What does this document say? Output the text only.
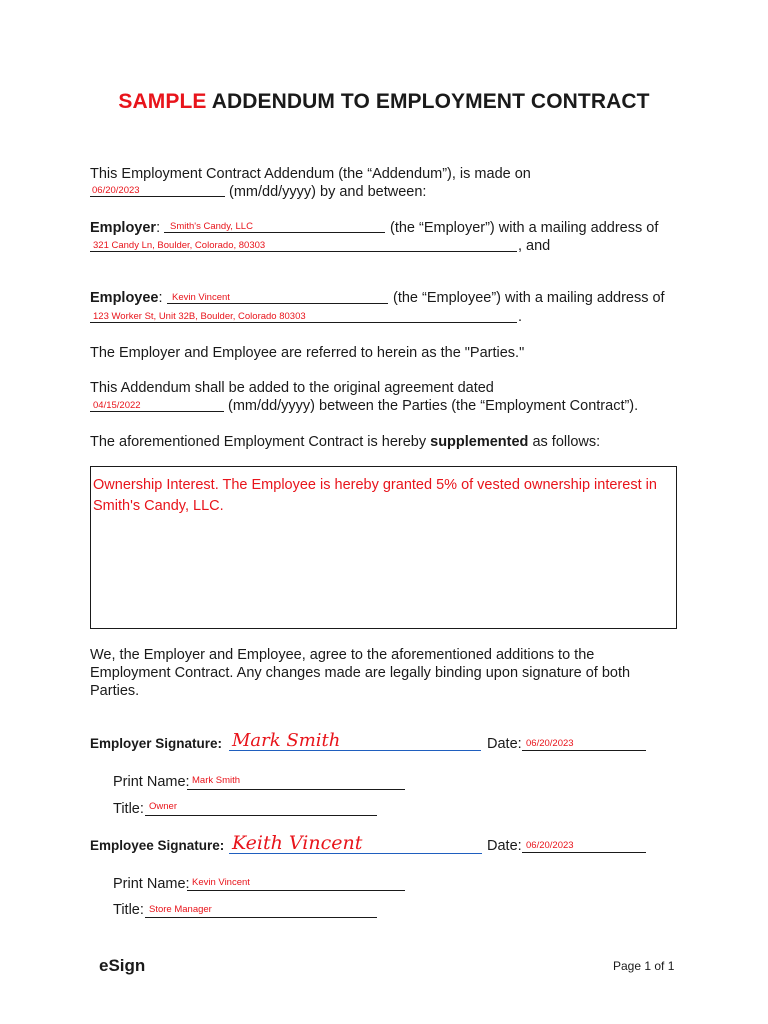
SAMPLE ADDENDUM TO EMPLOYMENT CONTRACT
This Employment Contract Addendum (the “Addendum”), is made on
06/20/2023	(mm/dd/yyyy) by and between:
Employer: Smith's Candy, LLC	(the “Employer”) with a mailing address of
321 Candy Ln, Boulder, Colorado, 80303	, and
Employee: Kevin Vincent	(the “Employee”) with a mailing address of
123 Worker St, Unit 32B, Boulder, Colorado 80303	.
The Employer and Employee are referred to herein as the "Parties."
This Addendum shall be added to the original agreement dated
04/15/2022	(mm/dd/yyyy) between the Parties (the “Employment Contract”).
The aforementioned Employment Contract is hereby supplemented as follows:
Ownership Interest. The Employee is hereby granted 5% of vested ownership interest in Smith's Candy, LLC.
We, the Employer and Employee, agree to the aforementioned additions to the
Employment Contract. Any changes made are legally binding upon signature of both
Parties.
Employer Signature: Mark Smith	Date: 06/20/2023
Print Name: Mark Smith
Title: Owner
Employee Signature: Keith Vincent	Date: 06/20/2023
Print Name: Kevin Vincent
Title: Store Manager
eSign	Page 1 of 1
